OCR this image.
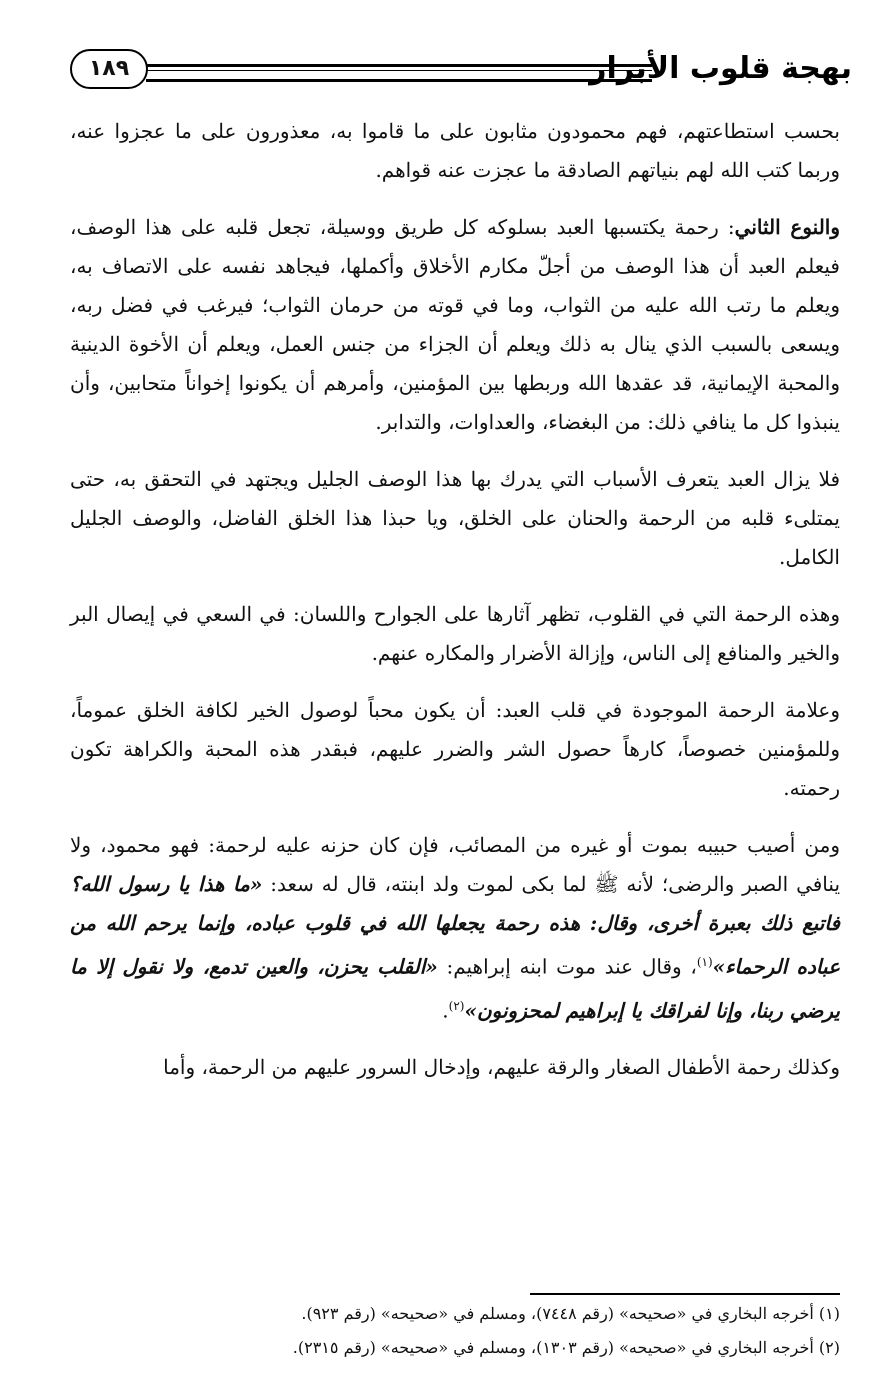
بهجة قلوب الأبرار
١٨٩

بحسب استطاعتهم، فهم محمودون مثابون على ما قاموا به، معذورون على ما عجزوا عنه، وربما كتب الله لهم بنياتهم الصادقة ما عجزت عنه قواهم.

والنوع الثاني: رحمة يكتسبها العبد بسلوكه كل طريق ووسيلة، تجعل قلبه على هذا الوصف، فيعلم العبد أن هذا الوصف من أجلّ مكارم الأخلاق وأكملها، فيجاهد نفسه على الاتصاف به، ويعلم ما رتب الله عليه من الثواب، وما في قوته من حرمان الثواب؛ فيرغب في فضل ربه، ويسعى بالسبب الذي ينال به ذلك ويعلم أن الجزاء من جنس العمل، ويعلم أن الأخوة الدينية والمحبة الإيمانية، قد عقدها الله وربطها بين المؤمنين، وأمرهم أن يكونوا إخواناً متحابين، وأن ينبذوا كل ما ينافي ذلك: من البغضاء، والعداوات، والتدابر.

فلا يزال العبد يتعرف الأسباب التي يدرك بها هذا الوصف الجليل ويجتهد في التحقق به، حتى يمتلىء قلبه من الرحمة والحنان على الخلق، ويا حبذا هذا الخلق الفاضل، والوصف الجليل الكامل.

وهذه الرحمة التي في القلوب، تظهر آثارها على الجوارح واللسان: في السعي في إيصال البر والخير والمنافع إلى الناس، وإزالة الأضرار والمكاره عنهم.

وعلامة الرحمة الموجودة في قلب العبد: أن يكون محباً لوصول الخير لكافة الخلق عموماً، وللمؤمنين خصوصاً، كارهاً حصول الشر والضرر عليهم، فبقدر هذه المحبة والكراهة تكون رحمته.

ومن أصيب حبيبه بموت أو غيره من المصائب، فإن كان حزنه عليه لرحمة: فهو محمود، ولا ينافي الصبر والرضى؛ لأنه ﷺ لما بكى لموت ولد ابنته، قال له سعد: «ما هذا يا رسول الله؟ فاتبع ذلك بعبرة أخرى، وقال: هذه رحمة يجعلها الله في قلوب عباده، وإنما يرحم الله من عباده الرحماء»$^{(١)}$، وقال عند موت ابنه إبراهيم: «القلب يحزن، والعين تدمع، ولا نقول إلا ما يرضي ربنا، وإنا لفراقك يا إبراهيم لمحزونون»$^{(٢)}$.

وكذلك رحمة الأطفال الصغار والرقة عليهم، وإدخال السرور عليهم من الرحمة، وأما

(١) أخرجه البخاري في «صحيحه» (رقم ٧٤٤٨)، ومسلم في «صحيحه» (رقم ٩٢٣).
(٢) أخرجه البخاري في «صحيحه» (رقم ١٣٠٣)، ومسلم في «صحيحه» (رقم ٢٣١٥).
